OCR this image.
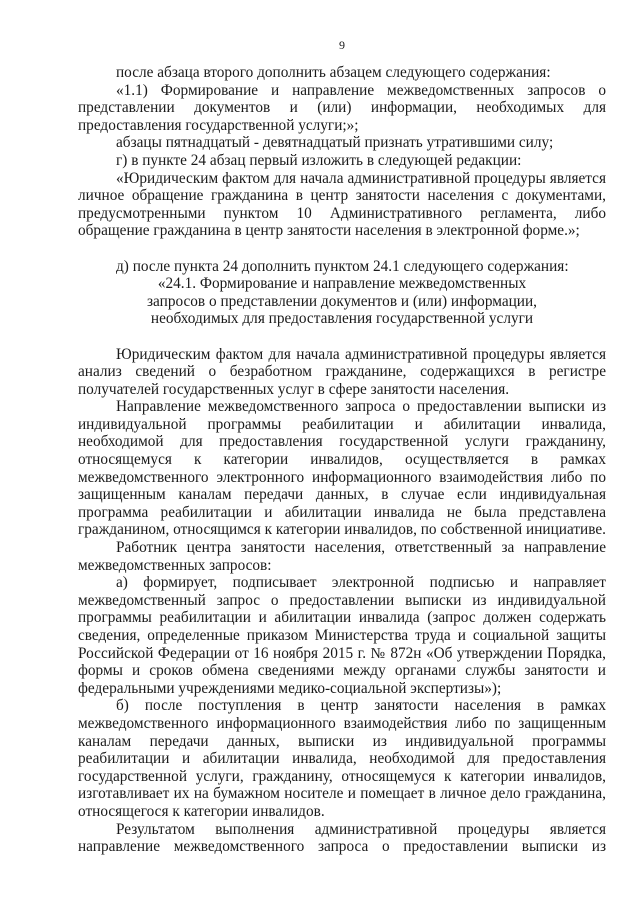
9

после абзаца второго дополнить абзацем следующего содержания:

«1.1) Формирование и направление межведомственных запросов о представлении документов и (или) информации, необходимых для предоставления государственной услуги;»;

абзацы пятнадцатый - девятнадцатый признать утратившими силу;

г) в пункте 24 абзац первый изложить в следующей редакции:

«Юридическим фактом для начала административной процедуры является личное обращение гражданина в центр занятости населения с документами, предусмотренными пунктом 10 Административного регламента, либо обращение гражданина в центр занятости населения в электронной форме.»;

д) после пункта 24 дополнить пунктом 24.1 следующего содержания:

«24.1. Формирование и направление межведомственных

запросов о представлении документов и (или) информации,

необходимых для предоставления государственной услуги

Юридическим фактом для начала административной процедуры является анализ сведений о безработном гражданине, содержащихся в регистре получателей государственных услуг в сфере занятости населения.

Направление межведомственного запроса о предоставлении выписки из индивидуальной программы реабилитации и абилитации инвалида, необходимой для предоставления государственной услуги гражданину, относящемуся к категории инвалидов, осуществляется в рамках межведомственного электронного информационного взаимодействия либо по защищенным каналам передачи данных, в случае если индивидуальная программа реабилитации и абилитации инвалида не была представлена гражданином, относящимся к категории инвалидов, по собственной инициативе.

Работник центра занятости населения, ответственный за направление межведомственных запросов:

а) формирует, подписывает электронной подписью и направляет межведомственный запрос о предоставлении выписки из индивидуальной программы реабилитации и абилитации инвалида (запрос должен содержать сведения, определенные приказом Министерства труда и социальной защиты Российской Федерации от 16 ноября 2015 г. № 872н «Об утверждении Порядка, формы и сроков обмена сведениями между органами службы занятости и федеральными учреждениями медико-социальной экспертизы»);

б) после поступления в центр занятости населения в рамках межведомственного информационного взаимодействия либо по защищенным каналам передачи данных, выписки из индивидуальной программы реабилитации и абилитации инвалида, необходимой для предоставления государственной услуги, гражданину, относящемуся к категории инвалидов, изготавливает их на бумажном носителе и помещает в личное дело гражданина, относящегося к категории инвалидов.

Результатом выполнения административной процедуры является направление межведомственного запроса о предоставлении выписки из
